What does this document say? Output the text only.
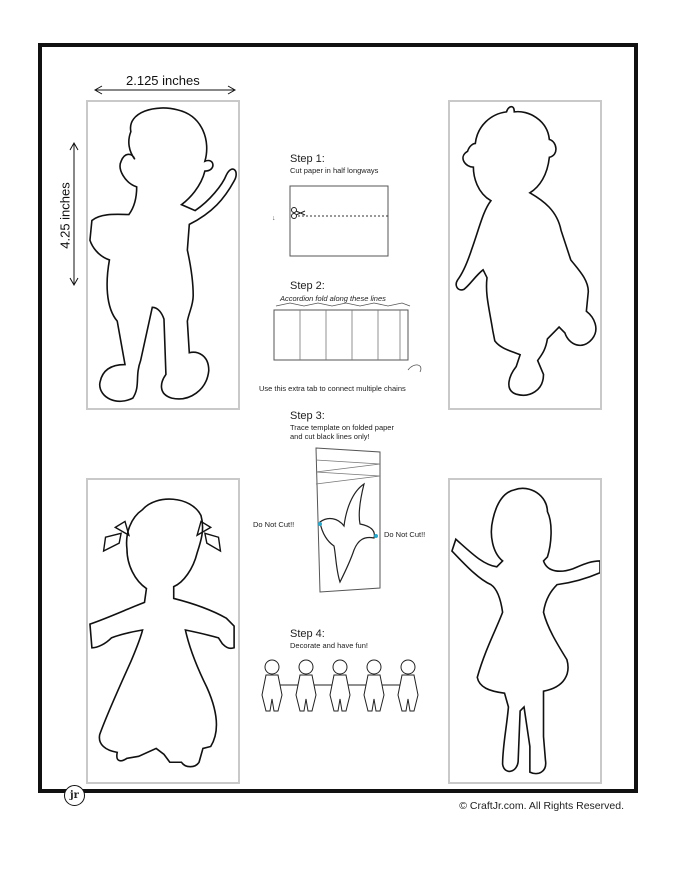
2.125 inches
4.25 inches
Step 1:
Cut paper in half longways
↓
Step 2:
Accordion fold along these lines
Use this extra tab to connect multiple chains
Step 3:
Trace template on folded paper
and cut black lines only!
Do Not Cut!!
Do Not Cut!!
Step 4:
Decorate and have fun!
jr
© CraftJr.com. All Rights Reserved.
